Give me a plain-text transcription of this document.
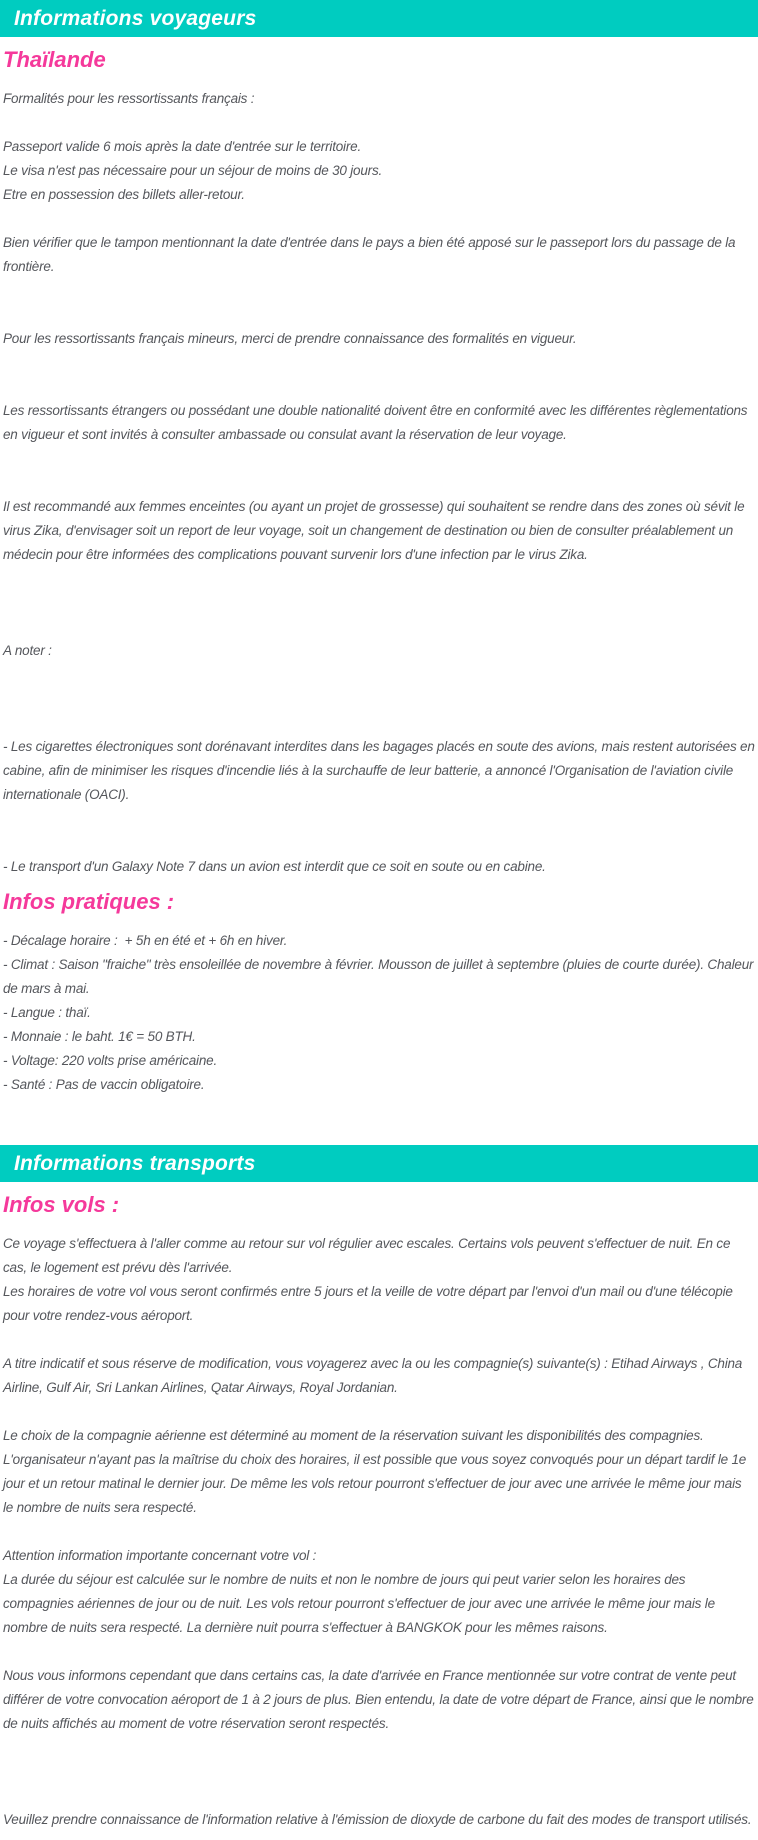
Informations voyageurs
Thaïlande

Formalités pour les ressortissants français :

Passeport valide 6 mois après la date d'entrée sur le territoire.

Le visa n'est pas nécessaire pour un séjour de moins de 30 jours.

Etre en possession des billets aller-retour.

Bien vérifier que le tampon mentionnant la date d'entrée dans le pays a bien été apposé sur le passeport lors du passage de la frontière.

Pour les ressortissants français mineurs, merci de prendre connaissance des formalités en vigueur.

Les ressortissants étrangers ou possédant une double nationalité doivent être en conformité avec les différentes règlementations en vigueur et sont invités à consulter ambassade ou consulat avant la réservation de leur voyage.

Il est recommandé aux femmes enceintes (ou ayant un projet de grossesse) qui souhaitent se rendre dans des zones où sévit le virus Zika, d'envisager soit un report de leur voyage, soit un changement de destination ou bien de consulter préalablement un médecin pour être informées des complications pouvant survenir lors d'une infection par le virus Zika.

A noter :

- Les cigarettes électroniques sont dorénavant interdites dans les bagages placés en soute des avions, mais restent autorisées en cabine, afin de minimiser les risques d'incendie liés à la surchauffe de leur batterie, a annoncé l'Organisation de l'aviation civile internationale (OACI).

- Le transport d'un Galaxy Note 7 dans un avion est interdit que ce soit en soute ou en cabine.

Infos pratiques :

- Décalage horaire :  + 5h en été et + 6h en hiver.

- Climat : Saison "fraiche" très ensoleillée de novembre à février. Mousson de juillet à septembre (pluies de courte durée). Chaleur de mars à mai.

- Langue : thaï.

- Monnaie : le baht. 1€ = 50 BTH.

- Voltage: 220 volts prise américaine.

- Santé : Pas de vaccin obligatoire.

Informations transports
Infos vols :

Ce voyage s'effectuera à l'aller comme au retour sur vol régulier avec escales. Certains vols peuvent s'effectuer de nuit. En ce cas, le logement est prévu dès l'arrivée.

Les horaires de votre vol vous seront confirmés entre 5 jours et la veille de votre départ par l'envoi d'un mail ou d'une télécopie pour votre rendez-vous aéroport.

A titre indicatif et sous réserve de modification, vous voyagerez avec la ou les compagnie(s) suivante(s) : Etihad Airways , China Airline, Gulf Air, Sri Lankan Airlines, Qatar Airways, Royal Jordanian.

Le choix de la compagnie aérienne est déterminé au moment de la réservation suivant les disponibilités des compagnies. L'organisateur n'ayant pas la maîtrise du choix des horaires, il est possible que vous soyez convoqués pour un départ tardif le 1e jour et un retour matinal le dernier jour. De même les vols retour pourront s'effectuer de jour avec une arrivée le même jour mais le nombre de nuits sera respecté.

Attention information importante concernant votre vol :

La durée du séjour est calculée sur le nombre de nuits et non le nombre de jours qui peut varier selon les horaires des compagnies aériennes de jour ou de nuit. Les vols retour pourront s'effectuer de jour avec une arrivée le même jour mais le nombre de nuits sera respecté. La dernière nuit pourra s'effectuer à BANGKOK pour les mêmes raisons.

Nous vous informons cependant que dans certains cas, la date d'arrivée en France mentionnée sur votre contrat de vente peut différer de votre convocation aéroport de 1 à 2 jours de plus. Bien entendu, la date de votre départ de France, ainsi que le nombre de nuits affichés au moment de votre réservation seront respectés.

Veuillez prendre connaissance de l'information relative à l'émission de dioxyde de carbone du fait des modes de transport utilisés.
